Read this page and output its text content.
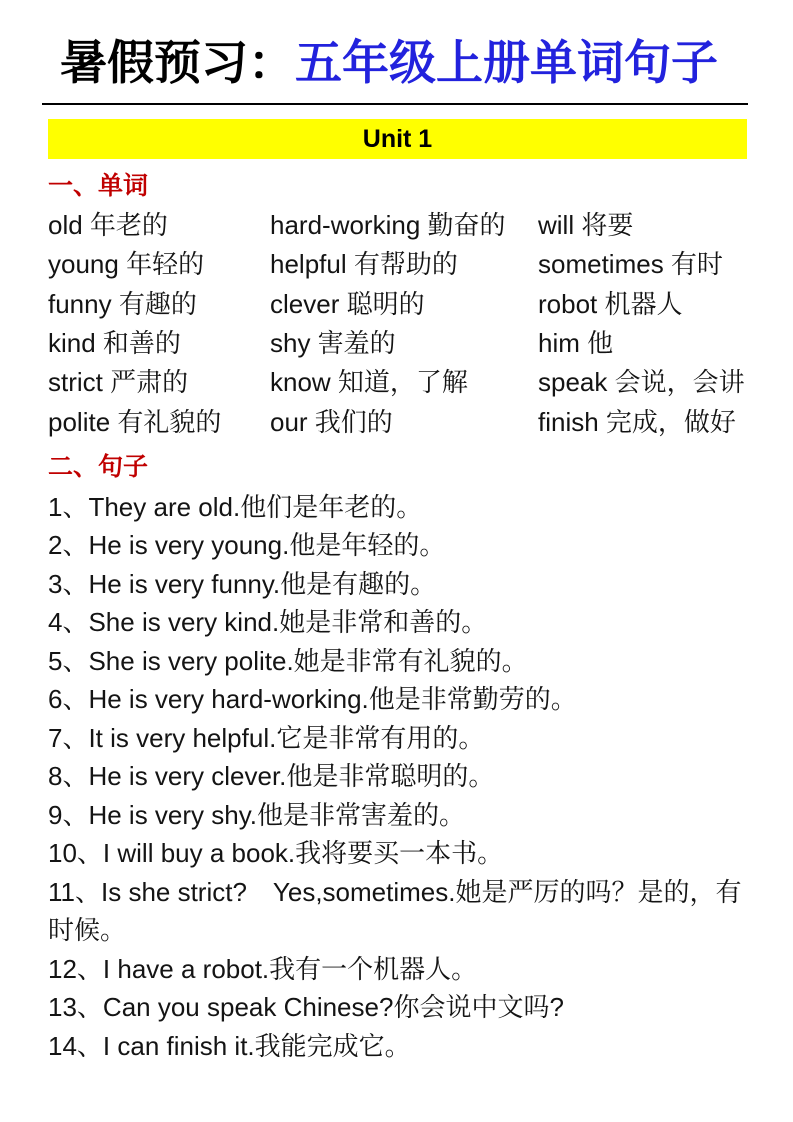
暑假预习：五年级上册单词句子
Unit 1
一、单词
old 年老的
young 年轻的
funny 有趣的
kind 和善的
strict 严肃的
polite 有礼貌的
hard-working 勤奋的
helpful 有帮助的
clever 聪明的
shy 害羞的
know 知道，了解
our 我们的
will 将要
sometimes 有时
robot 机器人
him 他
speak 会说，会讲
finish 完成，做好
二、句子

1、They are old.他们是年老的。

2、He is very young.他是年轻的。

3、He is very funny.他是有趣的。

4、She is very kind.她是非常和善的。

5、She is very polite.她是非常有礼貌的。

6、He is very hard-working.他是非常勤劳的。

7、It is very helpful.它是非常有用的。

8、He is very clever.他是非常聪明的。

9、He is very shy.他是非常害羞的。

10、I will buy a book.我将要买一本书。

11、Is she strict?　Yes,sometimes.她是严厉的吗？是的，有时候。

12、I have a robot.我有一个机器人。

13、Can you speak Chinese?你会说中文吗?

14、I can finish it.我能完成它。
